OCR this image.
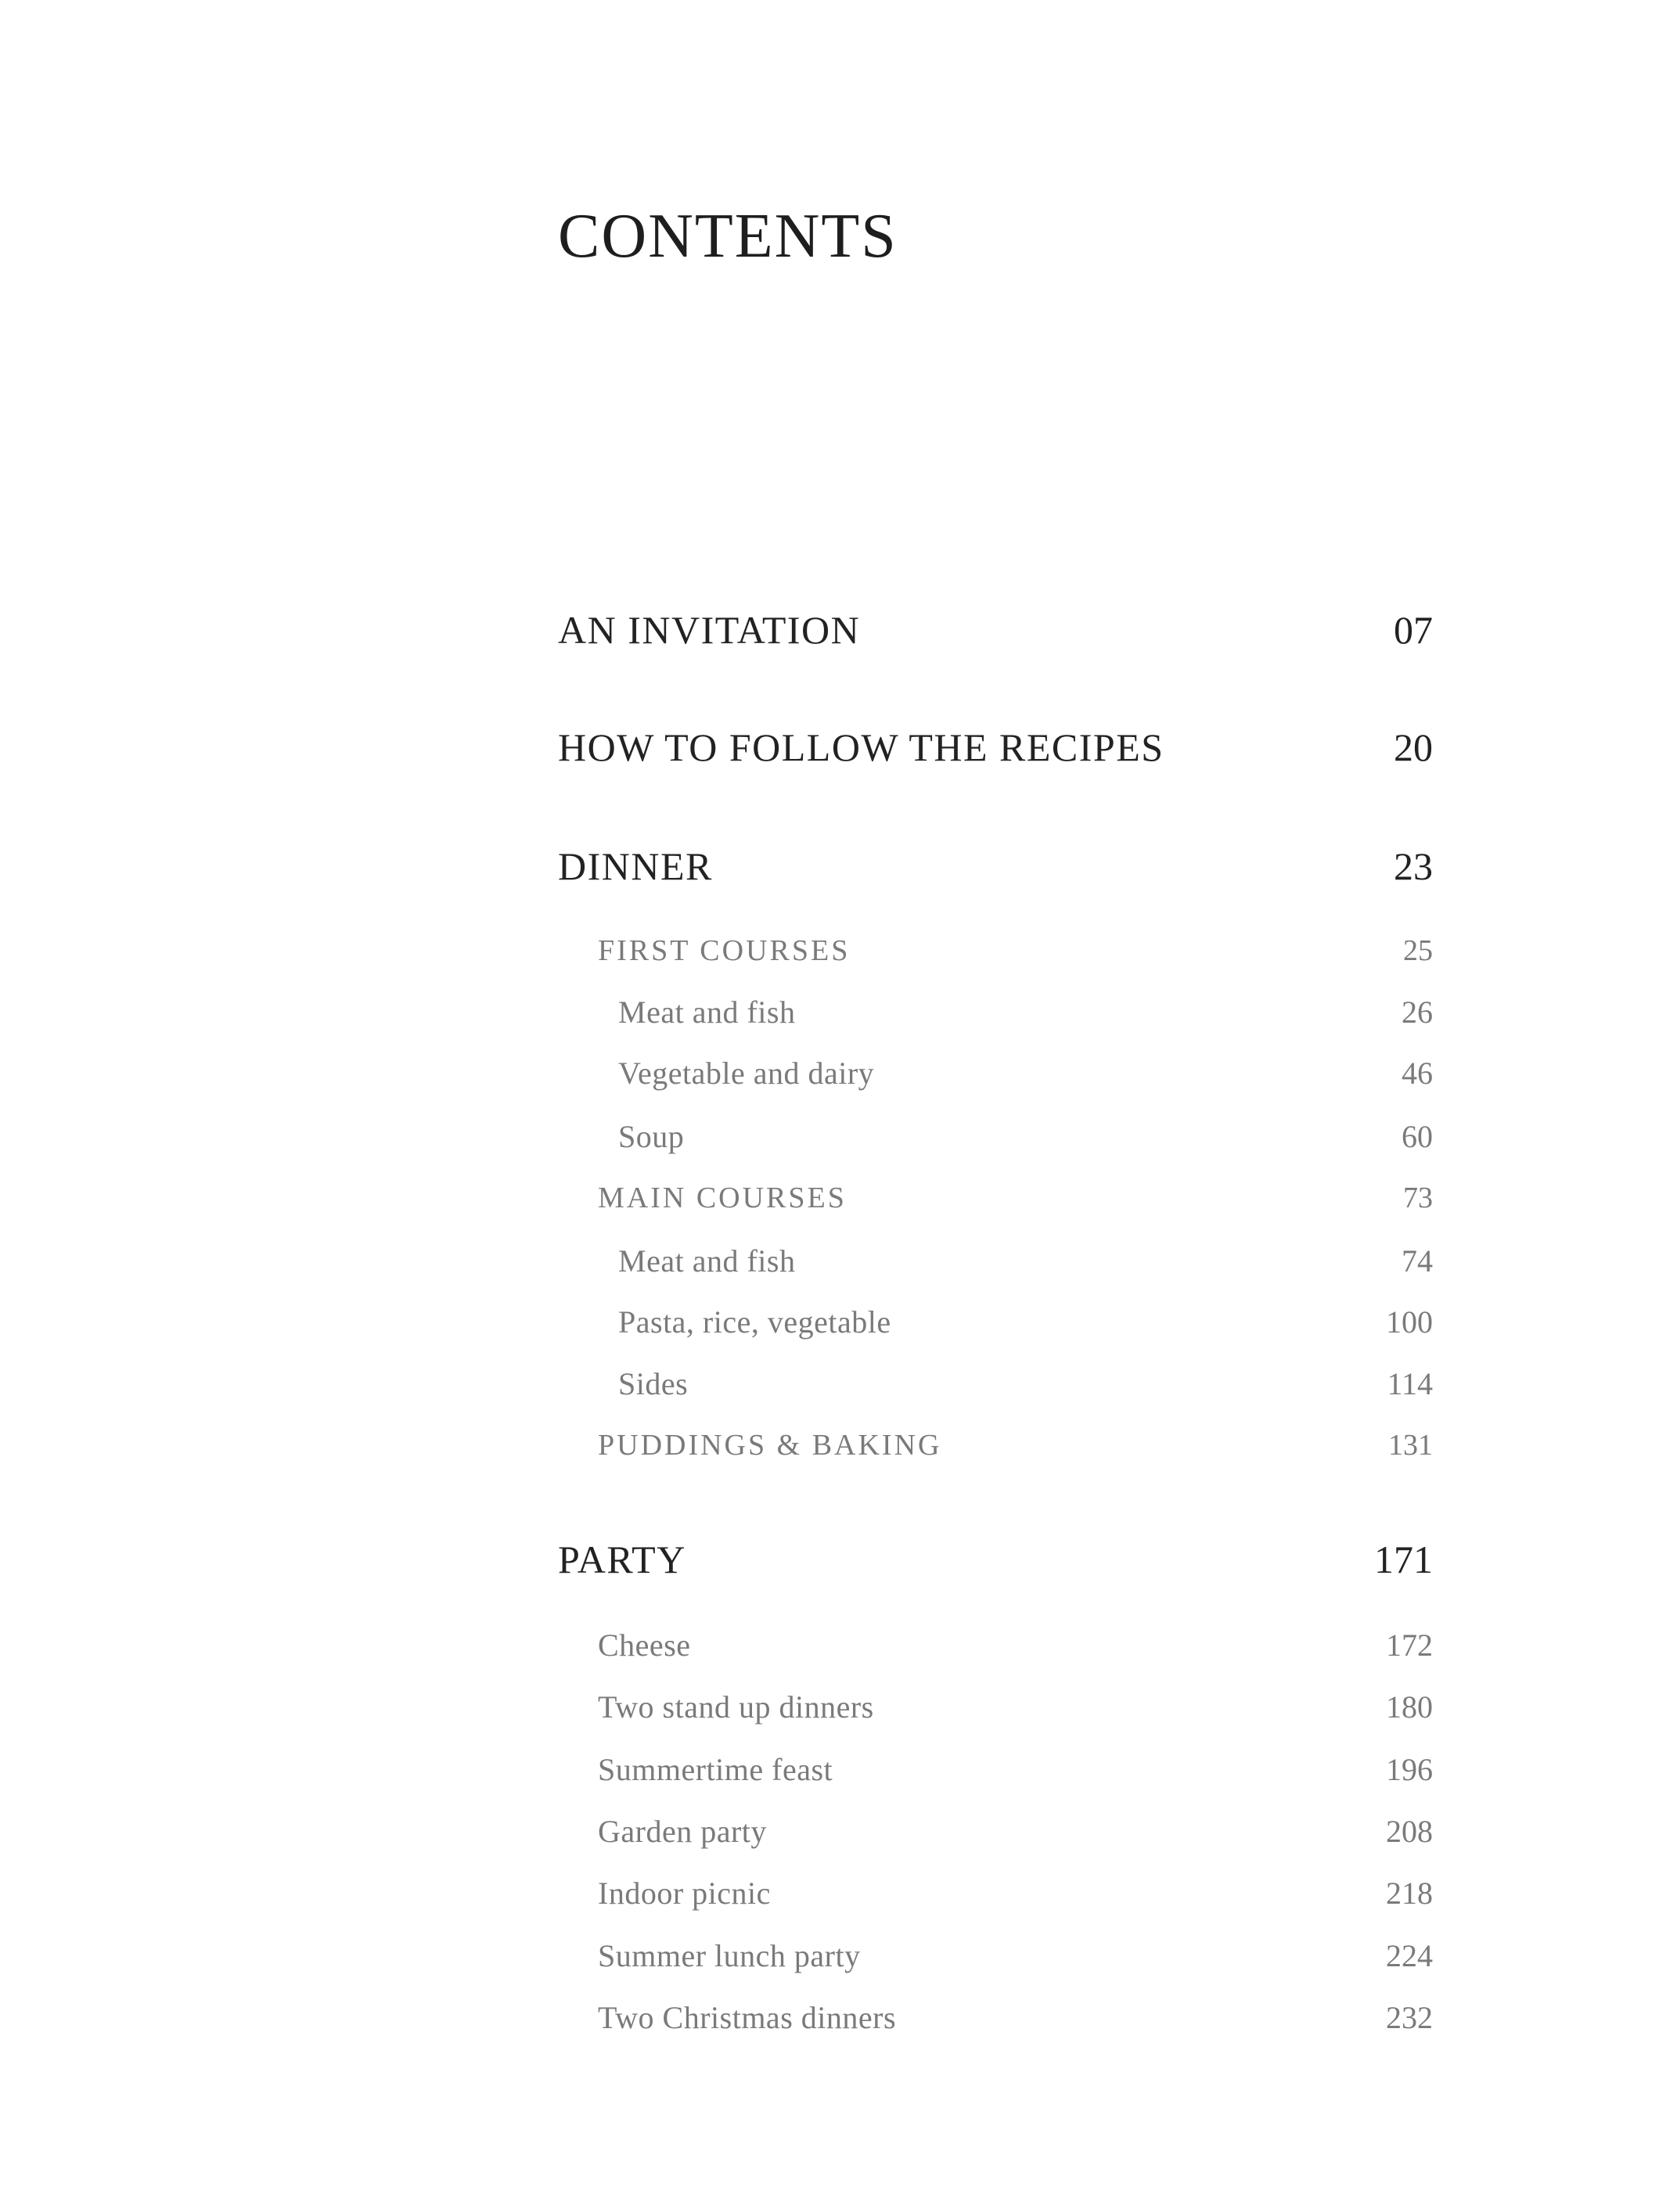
CONTENTS
AN INVITATION	07
HOW TO FOLLOW THE RECIPES	20
DINNER	23
FIRST COURSES	25
Meat and fish	26
Vegetable and dairy	46
Soup	60
MAIN COURSES	73
Meat and fish	74
Pasta, rice, vegetable	100
Sides	114
PUDDINGS & BAKING	131
PARTY	171
Cheese	172
Two stand up dinners	180
Summertime feast	196
Garden party	208
Indoor picnic	218
Summer lunch party	224
Two Christmas dinners	232
